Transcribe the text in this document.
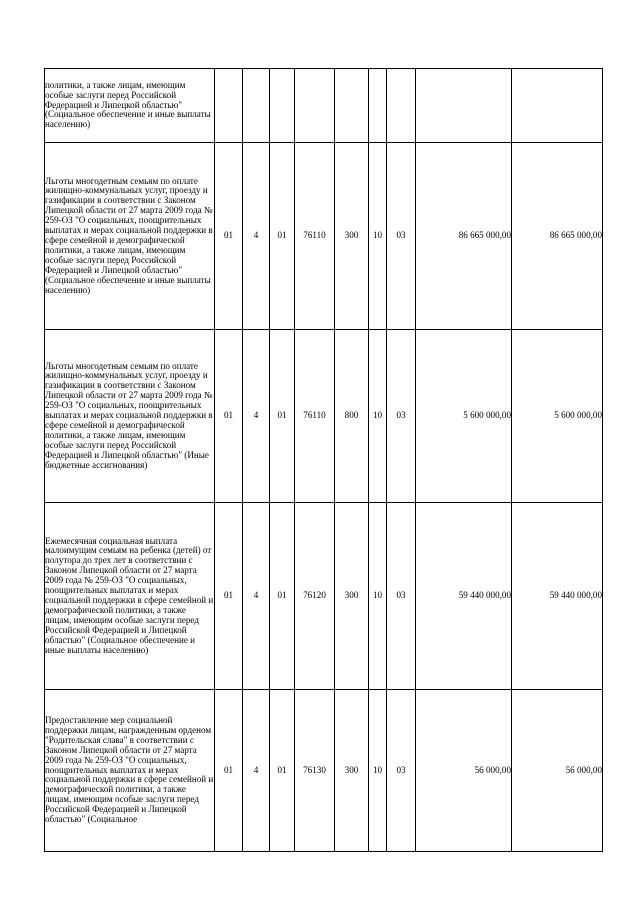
политики, а также лицам, имеющим особые заслуги перед Российской Федерацией и Липецкой областью" (Социальное обеспечение и иные выплаты населению)									
Льготы многодетным семьям по оплате жилищно-коммунальных услуг, проезду и газификации в соответствии с Законом Липецкой области от 27 марта 2009 года № 259-ОЗ "О социальных, поощрительных выплатах и мерах социальной поддержки в сфере семейной и демографической политики, а также лицам, имеющим особые заслуги перед Российской Федерацией и Липецкой областью" (Социальное обеспечение и иные выплаты населению)	01	4	01	76110	300	10	03	86 665 000,00	86 665 000,00
Льготы многодетным семьям по оплате жилищно-коммунальных услуг, проезду и газификации в соответствии с Законом Липецкой области от 27 марта 2009 года № 259-ОЗ "О социальных, поощрительных выплатах и мерах социальной поддержки в сфере семейной и демографической политики, а также лицам, имеющим особые заслуги перед Российской Федерацией и Липецкой областью" (Иные бюджетные ассигнования)	01	4	01	76110	800	10	03	5 600 000,00	5 600 000,00
Ежемесячная социальная выплата малоимущим семьям на ребенка (детей) от полутора до трех лет в соответствии с Законом Липецкой области от 27 марта 2009 года № 259-ОЗ "О социальных, поощрительных выплатах и мерах социальной поддержки в сфере семейной и демографической политики, а также лицам, имеющим особые заслуги перед Российской Федерацией и Липецкой областью" (Социальное обеспечение и иные выплаты населению)	01	4	01	76120	300	10	03	59 440 000,00	59 440 000,00
Предоставление мер социальной поддержки лицам, награжденным орденом "Родительская слава" в соответствии с Законом Липецкой области от 27 марта 2009 года № 259-ОЗ "О социальных, поощрительных выплатах и мерах социальной поддержки в сфере семейной и демографической политики, а также лицам, имеющим особые заслуги перед Российской Федерацией и Липецкой областью" (Социальное	01	4	01	76130	300	10	03	56 000,00	56 000,00
